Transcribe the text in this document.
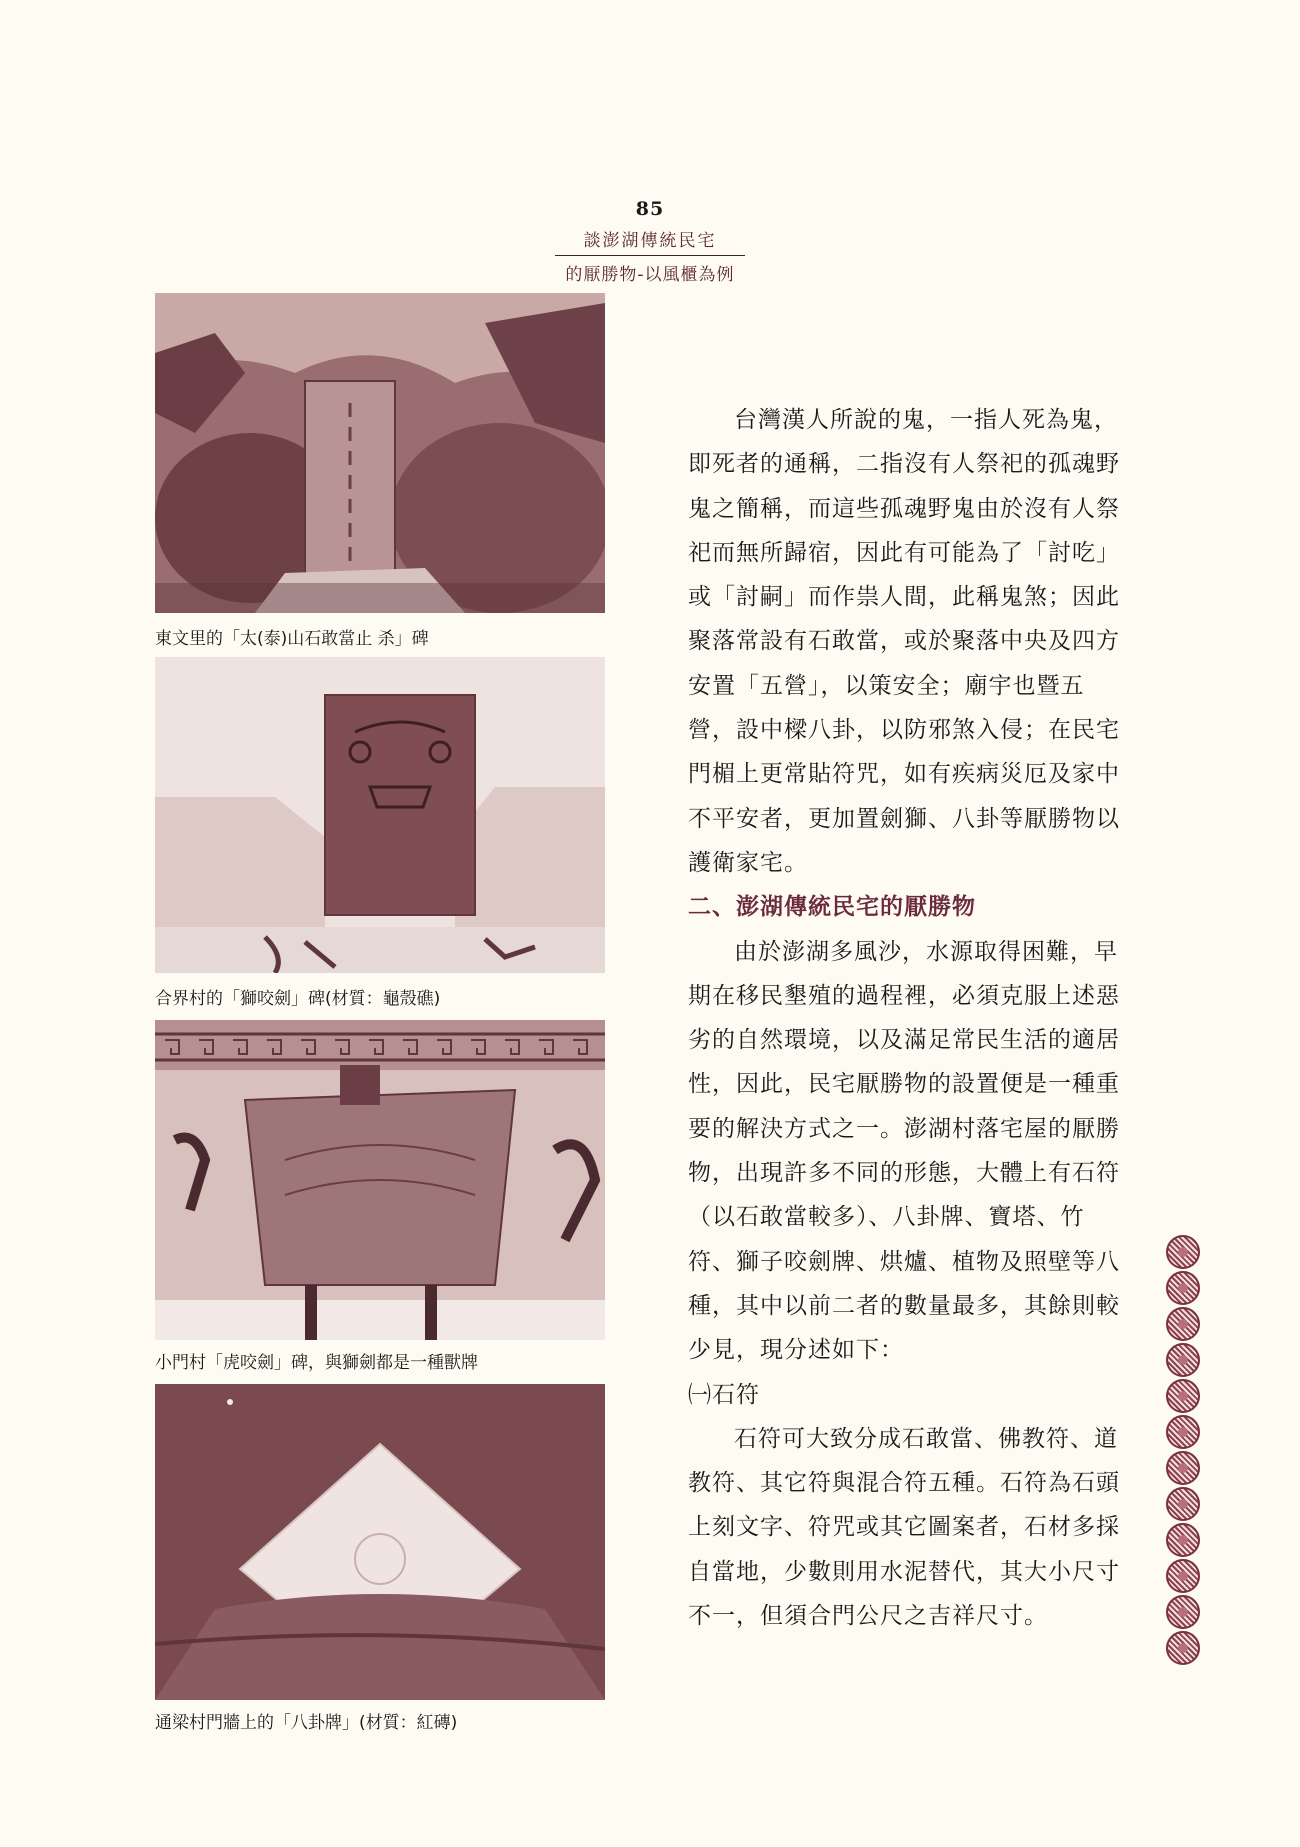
85
談澎湖傳統民宅
的厭勝物-以風櫃為例
東文里的「太(泰)山石敢當止 杀」碑
合界村的「獅咬劍」碑(材質：龜殼礁)
小門村「虎咬劍」碑，與獅劍都是一種獸牌
通梁村門牆上的「八卦牌」(材質：紅磚)

台灣漢人所說的鬼，一指人死為鬼，即死者的通稱，二指沒有人祭祀的孤魂野鬼之簡稱，而這些孤魂野鬼由於沒有人祭祀而無所歸宿，因此有可能為了「討吃」或「討嗣」而作祟人間，此稱鬼煞；因此聚落常設有石敢當，或於聚落中央及四方安置「五營」，以策安全；廟宇也暨五營，設中樑八卦，以防邪煞入侵；在民宅門楣上更常貼符咒，如有疾病災厄及家中不平安者，更加置劍獅、八卦等厭勝物以護衛家宅。

二、澎湖傳統民宅的厭勝物

由於澎湖多風沙，水源取得困難，早期在移民墾殖的過程裡，必須克服上述惡劣的自然環境，以及滿足常民生活的適居性，因此，民宅厭勝物的設置便是一種重要的解決方式之一。澎湖村落宅屋的厭勝物，出現許多不同的形態，大體上有石符（以石敢當較多）、八卦牌、寶塔、竹符、獅子咬劍牌、烘爐、植物及照壁等八種，其中以前二者的數量最多，其餘則較少見，現分述如下：

㈠石符

石符可大致分成石敢當、佛教符、道教符、其它符與混合符五種。石符為石頭上刻文字、符咒或其它圖案者，石材多採自當地，少數則用水泥替代，其大小尺寸不一，但須合門公尺之吉祥尺寸。
